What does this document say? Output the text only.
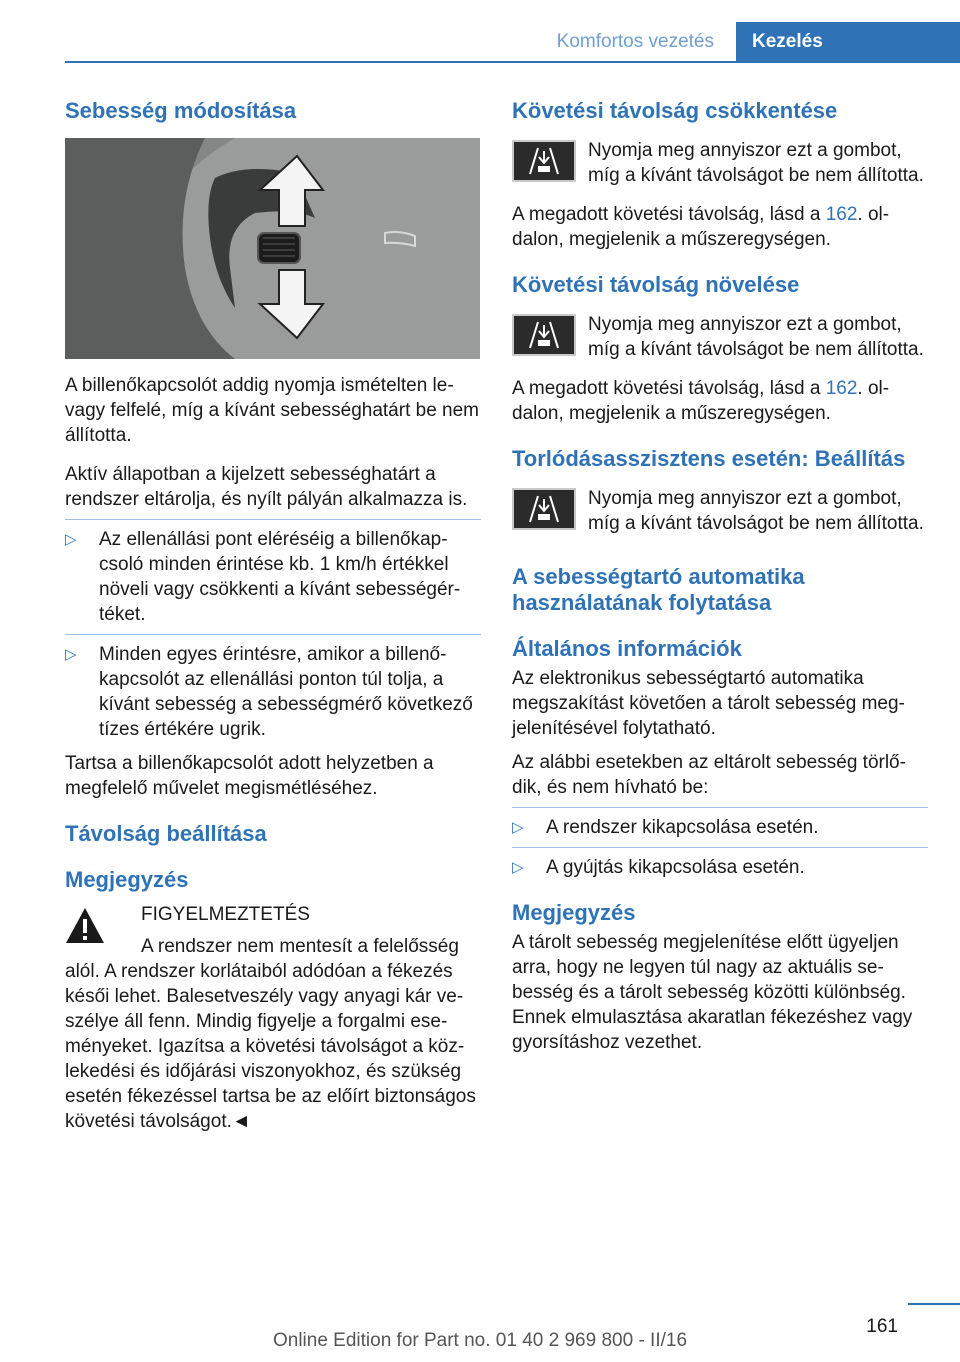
Komfortos vezetés	Kezelés
Sebesség módosítása

A billenőkapcsolót addig nyomja ismételten le- vagy felfelé, míg a kívánt sebességhatárt be nem állította.

Aktív állapotban a kijelzett sebességhatárt a rendszer eltárolja, és nyílt pályán alkalmazza is.

▷	Az ellenállási pont eléréséig a billenőkapcsoló minden érintése kb. 1 km/h értékkel növeli vagy csökkenti a kívánt sebességértéket.
▷	Minden egyes érintésre, amikor a billenőkapcsolót az ellenállási ponton túl tolja, a kívánt sebesség a sebességmérő következő tízes értékére ugrik.

Tartsa a billenőkapcsolót adott helyzetben a megfelelő művelet megismétléséhez.

Távolság beállítása
Megjegyzés

FIGYELMEZTETÉS

A rendszer nem mentesít a felelősség alól. A rendszer korlátaiból adódóan a fékezés késői lehet. Balesetveszély vagy anyagi kár veszélye áll fenn. Mindig figyelje a forgalmi eseményeket. Igazítsa a követési távolságot a közlekedési és időjárási viszonyokhoz, és szükség esetén fékezéssel tartsa be az előírt biztonságos követési távolságot.◄

Követési távolság csökkentése

Nyomja meg annyiszor ezt a gombot, míg a kívánt távolságot be nem állította.

A megadott követési távolság, lásd a 162. oldalon, megjelenik a műszeregységen.

Követési távolság növelése

Nyomja meg annyiszor ezt a gombot, míg a kívánt távolságot be nem állította.

A megadott követési távolság, lásd a 162. oldalon, megjelenik a műszeregységen.

Torlódásasszisztens esetén: Beállítás

Nyomja meg annyiszor ezt a gombot, míg a kívánt távolságot be nem állította.

A sebességtartó automatika használatának folytatása
Általános információk

Az elektronikus sebességtartó automatika megszakítást követően a tárolt sebesség megjelenítésével folytatható.

Az alábbi esetekben az eltárolt sebesség törlődik, és nem hívható be:

▷	A rendszer kikapcsolása esetén.
▷	A gyújtás kikapcsolása esetén.
Megjegyzés

A tárolt sebesség megjelenítése előtt ügyeljen arra, hogy ne legyen túl nagy az aktuális sebesség és a tárolt sebesség közötti különbség. Ennek elmulasztása akaratlan fékezéshez vagy gyorsításhoz vezethet.

161
Online Edition for Part no. 01 40 2 969 800 - II/16
